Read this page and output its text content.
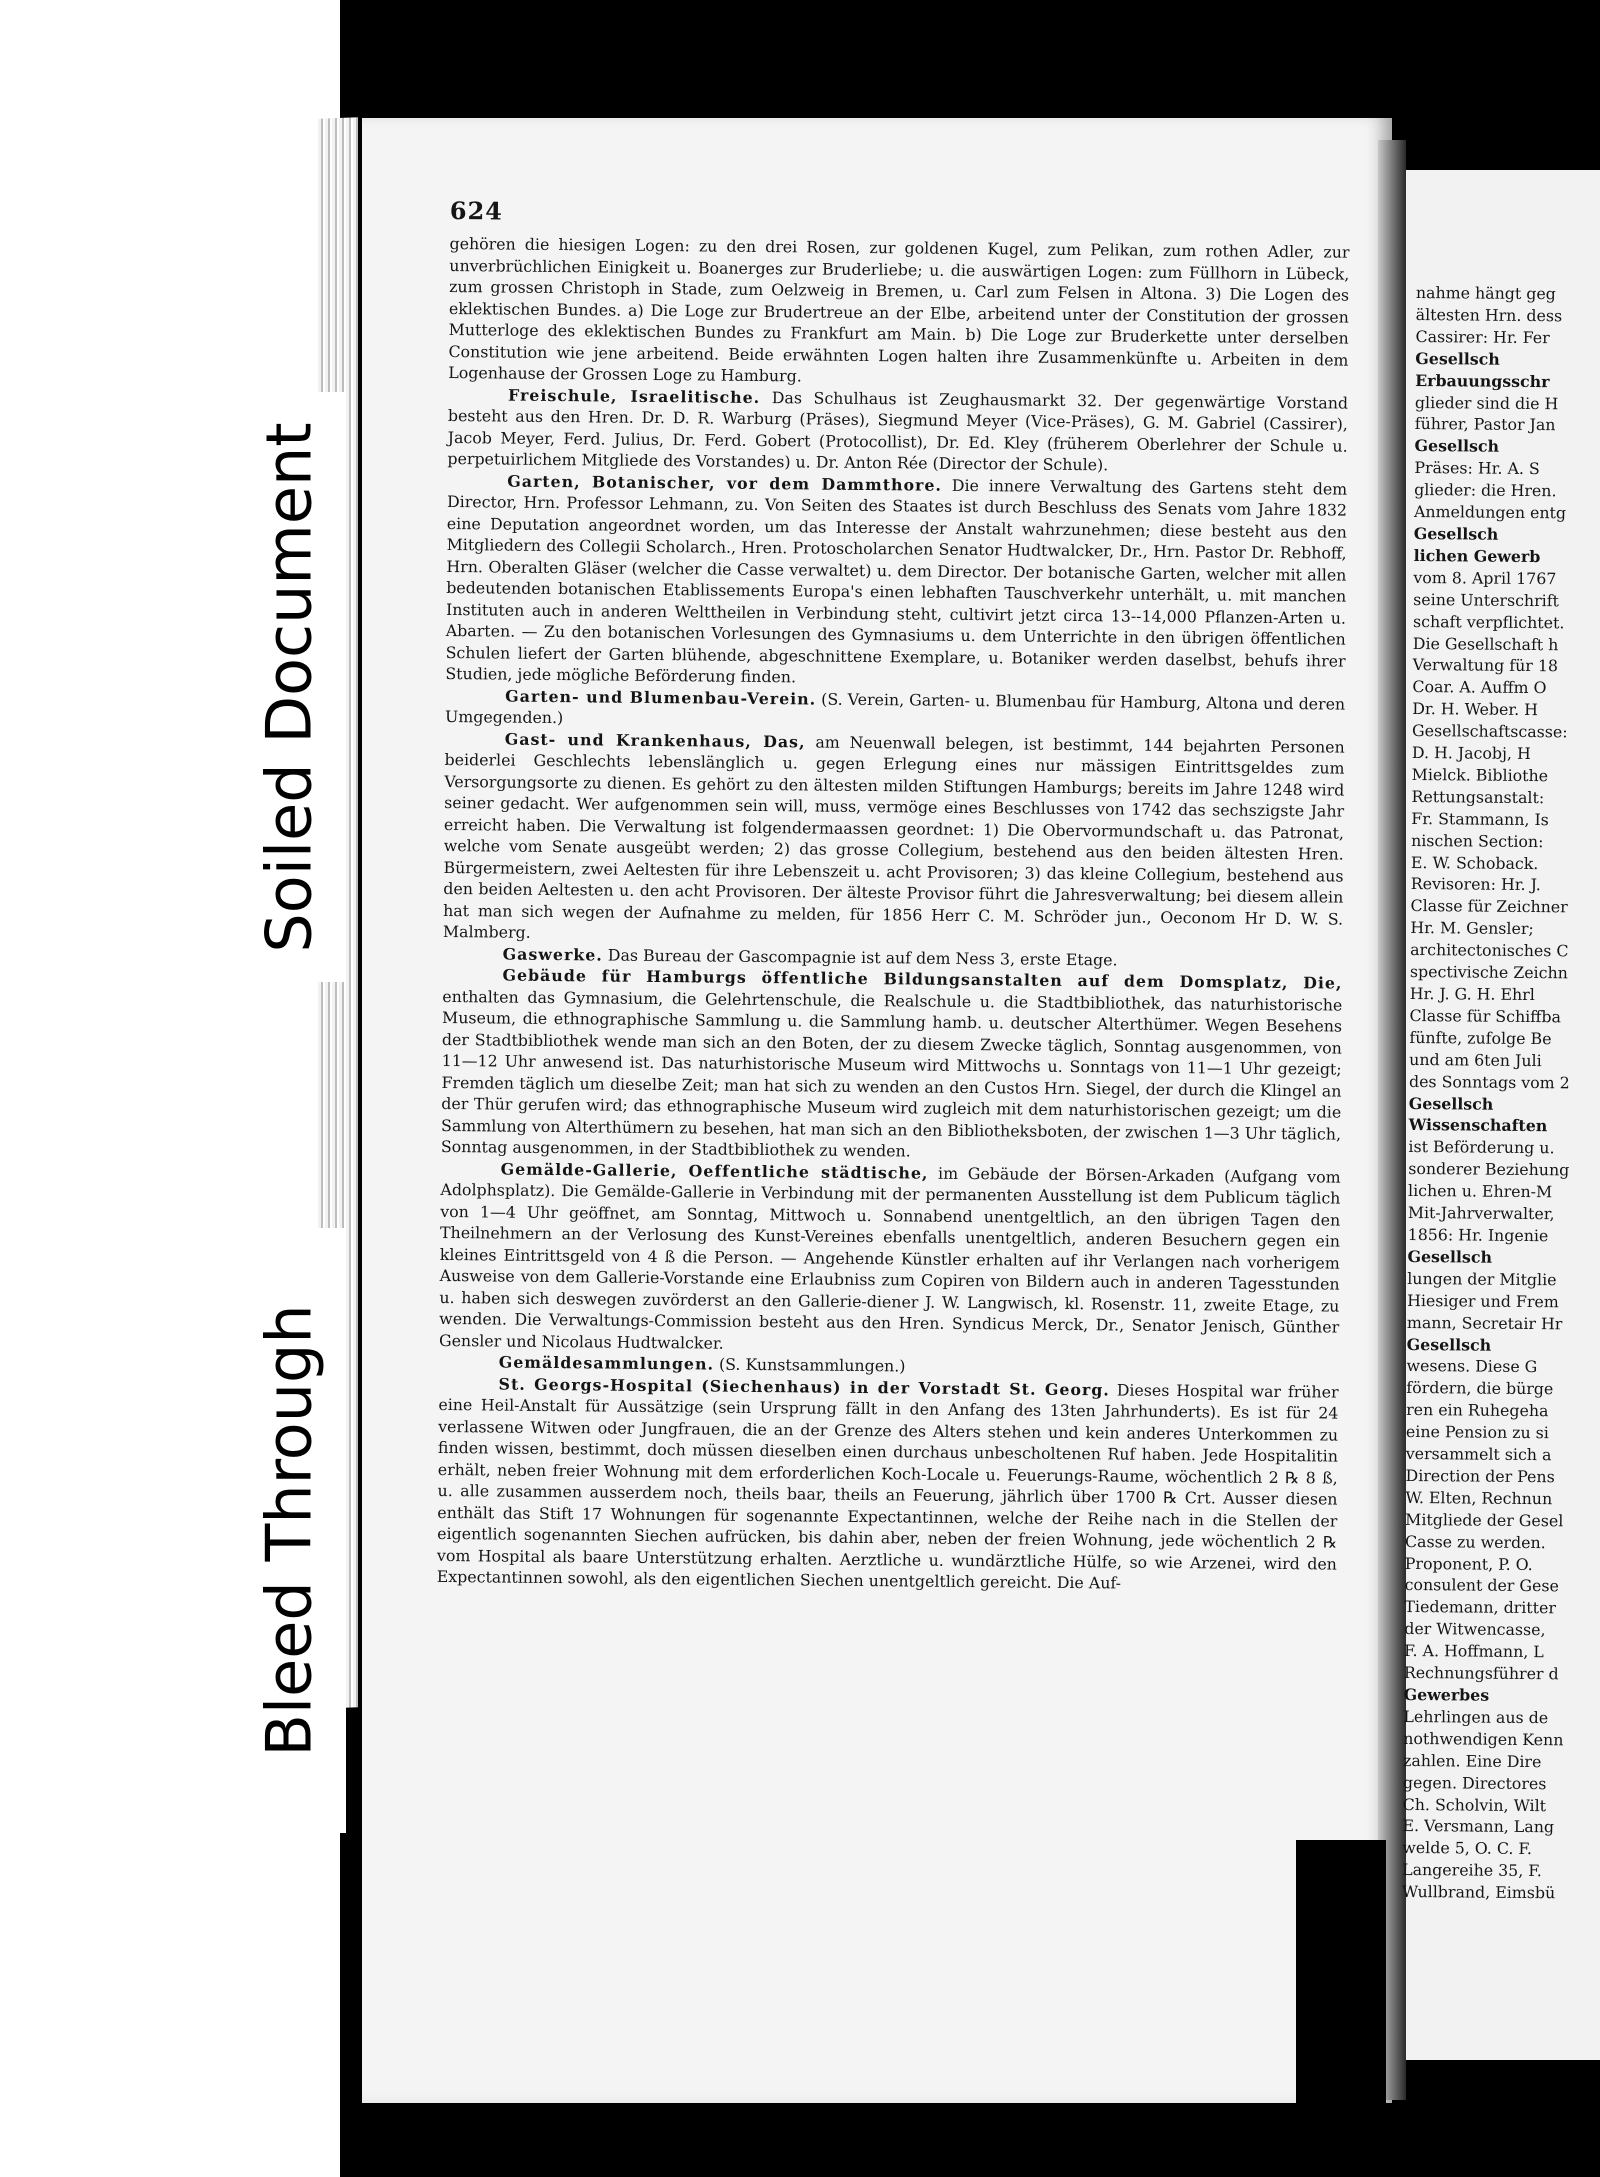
624

gehören die hiesigen Logen: zu den drei Rosen, zur goldenen Kugel, zum Pelikan, zum rothen Adler, zur unverbrüchlichen Einigkeit u. Boanerges zur Bruderliebe; u. die auswärtigen Logen: zum Füllhorn in Lübeck, zum grossen Christoph in Stade, zum Oelzweig in Bremen, u. Carl zum Felsen in Altona. 3) Die Logen des eklektischen Bundes. a) Die Loge zur Brudertreue an der Elbe, arbeitend unter der Constitution der grossen Mutterloge des eklektischen Bundes zu Frankfurt am Main. b) Die Loge zur Bruderkette unter derselben Constitution wie jene arbeitend. Beide erwähnten Logen halten ihre Zusammenkünfte u. Arbeiten in dem Logenhause der Grossen Loge zu Hamburg.

Freischule, Israelitische. Das Schulhaus ist Zeughausmarkt 32. Der gegenwärtige Vorstand besteht aus den Hren. Dr. D. R. Warburg (Präses), Siegmund Meyer (Vice-Präses), G. M. Gabriel (Cassirer), Jacob Meyer, Ferd. Julius, Dr. Ferd. Gobert (Protocollist), Dr. Ed. Kley (früherem Oberlehrer der Schule u. perpetuirlichem Mitgliede des Vorstandes) u. Dr. Anton Rée (Director der Schule).

Garten, Botanischer, vor dem Dammthore. Die innere Verwaltung des Gartens steht dem Director, Hrn. Professor Lehmann, zu. Von Seiten des Staates ist durch Beschluss des Senats vom Jahre 1832 eine Deputation angeordnet worden, um das Interesse der Anstalt wahrzunehmen; diese besteht aus den Mitgliedern des Collegii Scholarch., Hren. Protoscholarchen Senator Hudtwalcker, Dr., Hrn. Pastor Dr. Rebhoff, Hrn. Oberalten Gläser (welcher die Casse verwaltet) u. dem Director. Der botanische Garten, welcher mit allen bedeutenden botanischen Etablissements Europa's einen lebhaften Tauschverkehr unterhält, u. mit manchen Instituten auch in anderen Welttheilen in Verbindung steht, cultivirt jetzt circa 13--14,000 Pflanzen-Arten u. Abarten. — Zu den botanischen Vorlesungen des Gymnasiums u. dem Unterrichte in den übrigen öffentlichen Schulen liefert der Garten blühende, abgeschnittene Exemplare, u. Botaniker werden daselbst, behufs ihrer Studien, jede mögliche Beförderung finden.

Garten- und Blumenbau-Verein. (S. Verein, Garten- u. Blumenbau für Hamburg, Altona und deren Umgegenden.)

Gast- und Krankenhaus, Das, am Neuenwall belegen, ist bestimmt, 144 bejahrten Personen beiderlei Geschlechts lebenslänglich u. gegen Erlegung eines nur mässigen Eintrittsgeldes zum Versorgungsorte zu dienen. Es gehört zu den ältesten milden Stiftungen Hamburgs; bereits im Jahre 1248 wird seiner gedacht. Wer aufgenommen sein will, muss, vermöge eines Beschlusses von 1742 das sechszigste Jahr erreicht haben. Die Verwaltung ist folgendermaassen geordnet: 1) Die Obervormundschaft u. das Patronat, welche vom Senate ausgeübt werden; 2) das grosse Collegium, bestehend aus den beiden ältesten Hren. Bürgermeistern, zwei Aeltesten für ihre Lebenszeit u. acht Provisoren; 3) das kleine Collegium, bestehend aus den beiden Aeltesten u. den acht Provisoren. Der älteste Provisor führt die Jahresverwaltung; bei diesem allein hat man sich wegen der Aufnahme zu melden, für 1856 Herr C. M. Schröder jun., Oeconom Hr D. W. S. Malmberg.

Gaswerke. Das Bureau der Gascompagnie ist auf dem Ness 3, erste Etage.

Gebäude für Hamburgs öffentliche Bildungsanstalten auf dem Domsplatz, Die, enthalten das Gymnasium, die Gelehrtenschule, die Realschule u. die Stadtbibliothek, das naturhistorische Museum, die ethnographische Sammlung u. die Sammlung hamb. u. deutscher Alterthümer. Wegen Besehens der Stadtbibliothek wende man sich an den Boten, der zu diesem Zwecke täglich, Sonntag ausgenommen, von 11—12 Uhr anwesend ist. Das naturhistorische Museum wird Mittwochs u. Sonntags von 11—1 Uhr gezeigt; Fremden täglich um dieselbe Zeit; man hat sich zu wenden an den Custos Hrn. Siegel, der durch die Klingel an der Thür gerufen wird; das ethnographische Museum wird zugleich mit dem naturhistorischen gezeigt; um die Sammlung von Alterthümern zu besehen, hat man sich an den Bibliotheksboten, der zwischen 1—3 Uhr täglich, Sonntag ausgenommen, in der Stadtbibliothek zu wenden.

Gemälde-Gallerie, Oeffentliche städtische, im Gebäude der Börsen-Arkaden (Aufgang vom Adolphsplatz). Die Gemälde-Gallerie in Verbindung mit der permanenten Ausstellung ist dem Publicum täglich von 1—4 Uhr geöffnet, am Sonntag, Mittwoch u. Sonnabend unentgeltlich, an den übrigen Tagen den Theilnehmern an der Verlosung des Kunst-Vereines ebenfalls unentgeltlich, anderen Besuchern gegen ein kleines Eintrittsgeld von 4 ß die Person. — Angehende Künstler erhalten auf ihr Verlangen nach vorherigem Ausweise von dem Gallerie-Vorstande eine Erlaubniss zum Copiren von Bildern auch in anderen Tagesstunden u. haben sich deswegen zuvörderst an den Gallerie-diener J. W. Langwisch, kl. Rosenstr. 11, zweite Etage, zu wenden. Die Verwaltungs-Commission besteht aus den Hren. Syndicus Merck, Dr., Senator Jenisch, Günther Gensler und Nicolaus Hudtwalcker.

Gemäldesammlungen. (S. Kunstsammlungen.)

St. Georgs-Hospital (Siechenhaus) in der Vorstadt St. Georg. Dieses Hospital war früher eine Heil-Anstalt für Aussätzige (sein Ursprung fällt in den Anfang des 13ten Jahrhunderts). Es ist für 24 verlassene Witwen oder Jungfrauen, die an der Grenze des Alters stehen und kein anderes Unterkommen zu finden wissen, bestimmt, doch müssen dieselben einen durchaus unbescholtenen Ruf haben. Jede Hospitalitin erhält, neben freier Wohnung mit dem erforderlichen Koch-Locale u. Feuerungs-Raume, wöchentlich 2 ℞ 8 ß, u. alle zusammen ausserdem noch, theils baar, theils an Feuerung, jährlich über 1700 ℞ Crt. Ausser diesen enthält das Stift 17 Wohnungen für sogenannte Expectantinnen, welche der Reihe nach in die Stellen der eigentlich sogenannten Siechen aufrücken, bis dahin aber, neben der freien Wohnung, jede wöchentlich 2 ℞ vom Hospital als baare Unterstützung erhalten. Aerztliche u. wundärztliche Hülfe, so wie Arzenei, wird den Expectantinnen sowohl, als den eigentlichen Siechen unentgeltlich gereicht. Die Auf-

nahme hängt geg
ältesten Hrn. dess
Cassirer: Hr. Fer
Gesellsch
Erbauungsschr
glieder sind die H
führer, Pastor Jan
Gesellsch
Präses: Hr. A. S
glieder: die Hren.
Anmeldungen entg
Gesellsch
lichen Gewerb
vom 8. April 1767
seine Unterschrift
schaft verpflichtet.
Die Gesellschaft h
Verwaltung für 18
Coar. A. Auffm O
Dr. H. Weber. H
Gesellschaftscasse:
D. H. Jacobj, H
Mielck. Bibliothe
Rettungsanstalt:
Fr. Stammann, Is
nischen Section:
E. W. Schoback.
Revisoren: Hr. J.
Classe für Zeichner
Hr. M. Gensler;
architectonisches C
spectivische Zeichn
Hr. J. G. H. Ehrl
Classe für Schiffba
fünfte, zufolge Be
und am 6ten Juli
des Sonntags vom 2
Gesellsch
Wissenschaften
ist Beförderung u.
sonderer Beziehung
lichen u. Ehren-M
Mit-Jahrverwalter,
1856: Hr. Ingenie
Gesellsch
lungen der Mitglie
Hiesiger und Frem
mann, Secretair Hr
Gesellsch
wesens. Diese G
fördern, die bürge
ren ein Ruhegeha
eine Pension zu si
versammelt sich a
Direction der Pens
W. Elten, Rechnun
Mitgliede der Gesel
Casse zu werden.
Proponent, P. O.
consulent der Gese
Tiedemann, dritter
der Witwencasse,
F. A. Hoffmann, L
Rechnungsführer d
Gewerbes
Lehrlingen aus de
nothwendigen Kenn
zahlen. Eine Dire
gegen. Directores
Ch. Scholvin, Wilt
E. Versmann, Lang
welde 5, O. C. F.
Langereihe 35, F.
Wullbrand, Eimsbü
Soiled Document
Bleed Through
